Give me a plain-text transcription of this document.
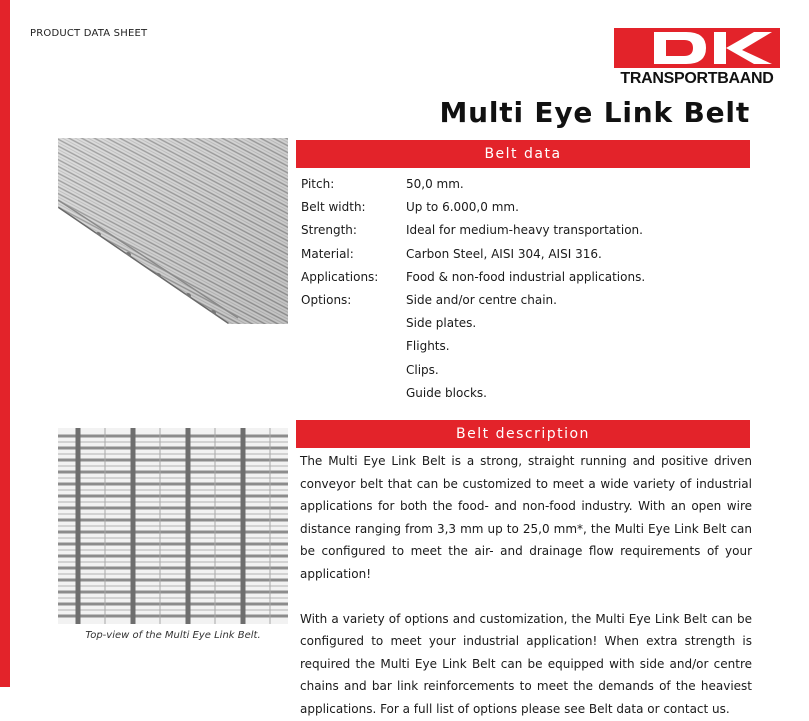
PRODUCT DATA SHEET
TRANSPORTBAAND
Multi Eye Link Belt
Belt data
Pitch:	50,0 mm.
Belt width:	Up to 6.000,0 mm.
Strength:	Ideal for medium-heavy transportation.
Material:	Carbon Steel, AISI 304, AISI 316.
Applications:	Food & non-food industrial applications.
Options:	Side and/or centre chain.
Side plates.
Flights.
Clips.
Guide blocks.
Belt description

The Multi Eye Link Belt is a strong, straight running and positive driven conveyor belt that can be customized to meet a wide variety of industrial applications for both the food- and non-food industry. With an open wire distance ranging from 3,3 mm up to 25,0 mm*, the Multi Eye Link Belt can be configured to meet the air- and drainage flow requirements of your application!

With a variety of options and customization, the Multi Eye Link Belt can be configured to meet your industrial application! When extra strength is required the Multi Eye Link Belt can be equipped with side and/or centre chains and bar link reinforcements to meet the demands of the heaviest applications. For a full list of options please see Belt data or contact us.

Top-view of the Multi Eye Link Belt.
